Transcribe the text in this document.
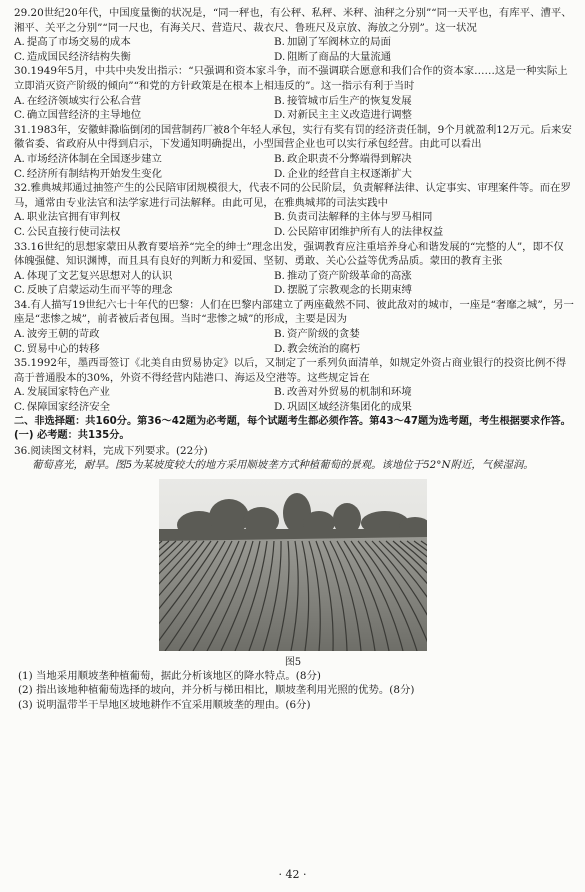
29.20世纪20年代，中国度量衡的状况是，“同一秤也，有公秤、私秤、米秤、油秤之分别”“同一天平也，有库平、漕平、湘平、关平之分别”“同一尺也，有海关尺、营造尺、裁衣尺、鲁班尺及京放、海放之分别”。这一状况
A. 提高了市场交易的成本	B. 加剧了军阀林立的局面
C. 造成国民经济结构失衡	D. 阻断了商品的大量流通
30.1949年5月，中共中央发出指示：“只强调和资本家斗争，而不强调联合愿意和我们合作的资本家……这是一种实际上立即消灭资产阶级的倾向”“和党的方针政策是在根本上相违反的”。这一指示有利于当时
A. 在经济领域实行公私合营	B. 接管城市后生产的恢复发展
C. 确立国营经济的主导地位	D. 对新民主主义改造进行调整
31.1983年，安徽蚌滁临倒闭的国营制药厂被8个年轻人承包，实行有奖有罚的经济责任制，9个月就盈利12万元。后来安徽省委、省政府从中得到启示，下发通知明确提出，小型国营企业也可以实行承包经营。由此可以看出
A. 市场经济体制在全国逐步建立	B. 政企职责不分弊端得到解决
C. 经济所有制结构开始发生变化	D. 企业的经营自主权逐渐扩大
32.雅典城邦通过抽签产生的公民陪审团规模很大，代表不同的公民阶层，负责解释法律、认定事实、审理案件等。而在罗马，通常由专业法官和法学家进行司法解释。由此可见，在雅典城邦的司法实践中
A. 职业法官拥有审判权	B. 负责司法解释的主体与罗马相同
C. 公民直接行使司法权	D. 公民陪审团维护所有人的法律权益
33.16世纪的思想家蒙田从教育要培养“完全的绅士”理念出发，强调教育应注重培养身心和谐发展的“完整的人”，即不仅体魄强健、知识渊博，而且具有良好的判断力和爱国、坚韧、勇敢、关心公益等优秀品质。蒙田的教育主张
A. 体现了文艺复兴思想对人的认识	B. 推动了资产阶级革命的高涨
C. 反映了启蒙运动生而平等的理念	D. 摆脱了宗教观念的长期束缚
34.有人描写19世纪六七十年代的巴黎：人们在巴黎内部建立了两座截然不同、彼此敌对的城市，一座是“奢靡之城”，另一座是“悲惨之城”，前者被后者包围。当时“悲惨之城”的形成，主要是因为
A. 波旁王朝的苛政	B. 资产阶级的贪婪
C. 贸易中心的转移	D. 教会统治的腐朽
35.1992年，墨西哥签订《北美自由贸易协定》以后，又制定了一系列负面清单，如规定外资占商业银行的投资比例不得高于普通股本的30%，外资不得经营内陆港口、海运及空港等。这些规定旨在
A. 发展国家特色产业	B. 改善对外贸易的机制和环境
C. 保障国家经济安全	D. 巩固区域经济集团化的成果
二、非选择题：共160分。第36～42题为必考题，每个试题考生都必须作答。第43～47题为选考题，考生根据要求作答。
(一) 必考题：共135分。
36.阅读图文材料，完成下列要求。(22分)
葡萄喜光，耐旱。图5为某坡度较大的地方采用顺坡垄方式种植葡萄的景观。该地位于52°N附近，气候湿润。
图5
(1) 当地采用顺坡垄种植葡萄，据此分析该地区的降水特点。(8分)
(2) 指出该地种植葡萄选择的坡向，并分析与梯田相比，顺坡垄利用光照的优势。(8分)
(3) 说明温带半干旱地区坡地耕作不宜采用顺坡垄的理由。(6分)
· 42 ·
